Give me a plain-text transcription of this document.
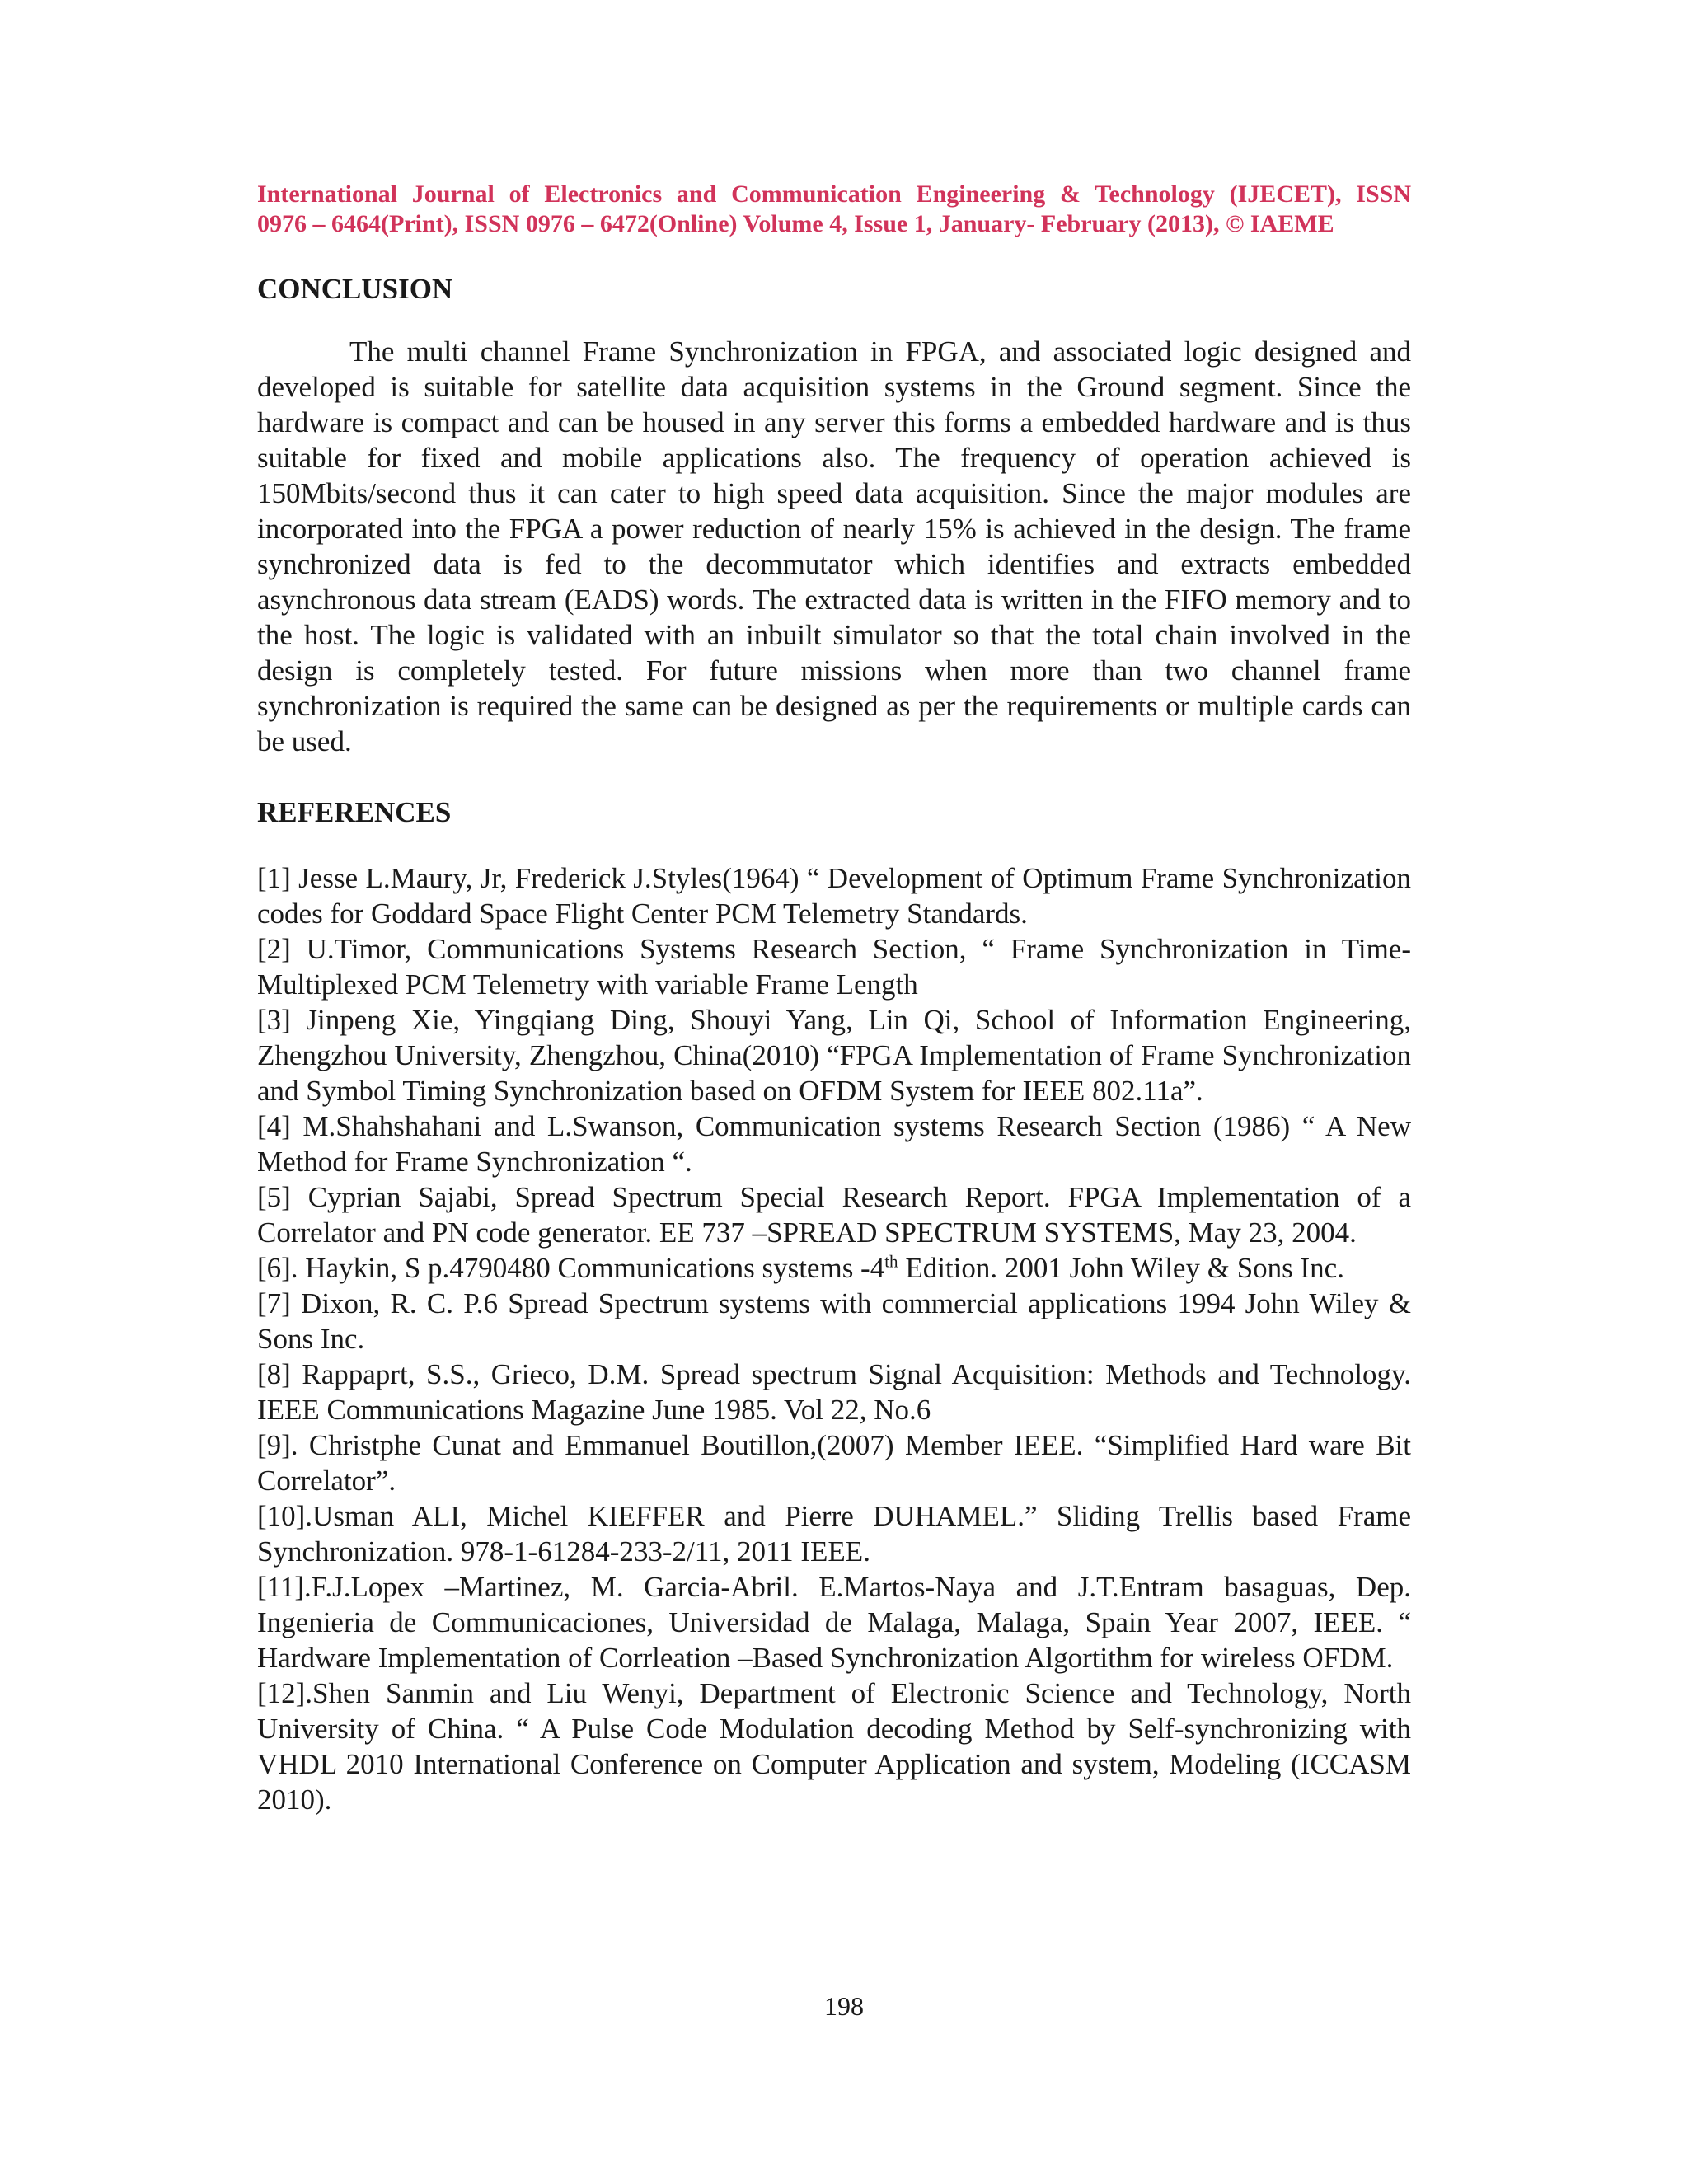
International Journal of Electronics and Communication Engineering & Technology (IJECET), ISSN
0976 – 6464(Print), ISSN 0976 – 6472(Online) Volume 4, Issue 1, January- February (2013), © IAEME

CONCLUSION

The multi channel Frame Synchronization in FPGA, and associated logic designed and developed is suitable for satellite data acquisition systems in the Ground segment. Since the hardware is compact and can be housed in any server this forms a embedded hardware and is thus suitable for fixed and mobile applications also. The frequency of operation achieved is 150Mbits/second thus it can cater to high speed data acquisition. Since the major modules are incorporated into the FPGA a power reduction of nearly 15% is achieved in the design. The frame synchronized data is fed to the decommutator which identifies and extracts embedded asynchronous data stream (EADS) words. The extracted data is written in the FIFO memory and to the host. The logic is validated with an inbuilt simulator so that the total chain involved in the design is completely tested. For future missions when more than two channel frame synchronization is required the same can be designed as per the requirements or multiple cards can be used.

REFERENCES
[1] Jesse L.Maury, Jr, Frederick J.Styles(1964) “ Development of Optimum Frame Synchronization codes for Goddard Space Flight Center PCM Telemetry Standards.
[2] U.Timor, Communications Systems Research Section, “ Frame Synchronization in Time-Multiplexed PCM Telemetry with variable Frame Length
[3] Jinpeng Xie, Yingqiang Ding, Shouyi Yang, Lin Qi, School of Information Engineering, Zhengzhou University, Zhengzhou, China(2010) “FPGA Implementation of Frame Synchronization and Symbol Timing Synchronization based on OFDM System for IEEE 802.11a”.
[4] M.Shahshahani and L.Swanson, Communication systems Research Section (1986) “ A New Method for Frame Synchronization “.
[5] Cyprian Sajabi, Spread Spectrum Special Research Report. FPGA Implementation of a Correlator and PN code generator. EE 737 –SPREAD SPECTRUM SYSTEMS, May 23, 2004.
[6]. Haykin, S p.4790480 Communications systems -4th Edition. 2001 John Wiley & Sons Inc.
[7] Dixon, R. C. P.6 Spread Spectrum systems with commercial applications 1994 John Wiley & Sons Inc.
[8] Rappaprt, S.S., Grieco, D.M. Spread spectrum Signal Acquisition: Methods and Technology. IEEE Communications Magazine June 1985. Vol 22, No.6
[9]. Christphe Cunat and Emmanuel Boutillon,(2007) Member IEEE. “Simplified Hard ware Bit Correlator”.
[10].Usman ALI, Michel KIEFFER and Pierre DUHAMEL.” Sliding Trellis based Frame Synchronization. 978-1-61284-233-2/11, 2011 IEEE.
[11].F.J.Lopex –Martinez, M. Garcia-Abril. E.Martos-Naya and J.T.Entram basaguas, Dep. Ingenieria de Communicaciones, Universidad de Malaga, Malaga, Spain Year 2007, IEEE. “ Hardware Implementation of Corrleation –Based Synchronization Algortithm for wireless OFDM.
[12].Shen Sanmin and Liu Wenyi, Department of Electronic Science and Technology, North University of China. “ A Pulse Code Modulation decoding Method by Self-synchronizing with VHDL 2010 International Conference on Computer Application and system, Modeling (ICCASM 2010).
198
